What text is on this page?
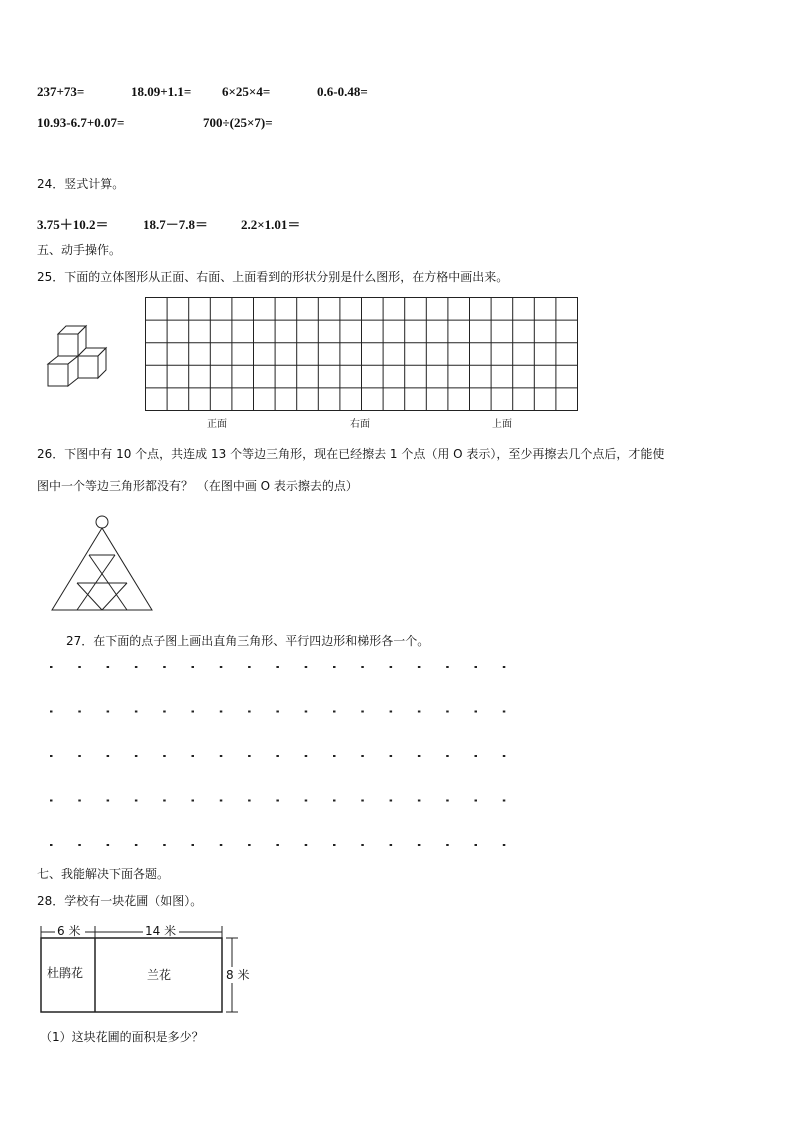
237+73=	18.09+1.1= 6×25×4=	0.6-0.48=
10.93-6.7+0.07=	700÷(25×7)=
24．竖式计算。
3.75＋10.2＝	18.7－7.8＝	2.2×1.01＝
五、动手操作。
25．下面的立体图形从正面、右面、上面看到的形状分别是什么图形，在方格中画出来。
正面	右面	上面
26．下图中有 10 个点，共连成 13 个等边三角形，现在已经擦去 1 个点（用 O 表示），至少再擦去几个点后，才能使
图中一个等边三角形都没有？ （在图中画 O 表示擦去的点）
27．在下面的点子图上画出直角三角形、平行四边形和梯形各一个。
七、我能解决下面各题。
28．学校有一块花圃（如图）。
6 米	14 米
8 米
杜鹃花	兰花
（1）这块花圃的面积是多少？
